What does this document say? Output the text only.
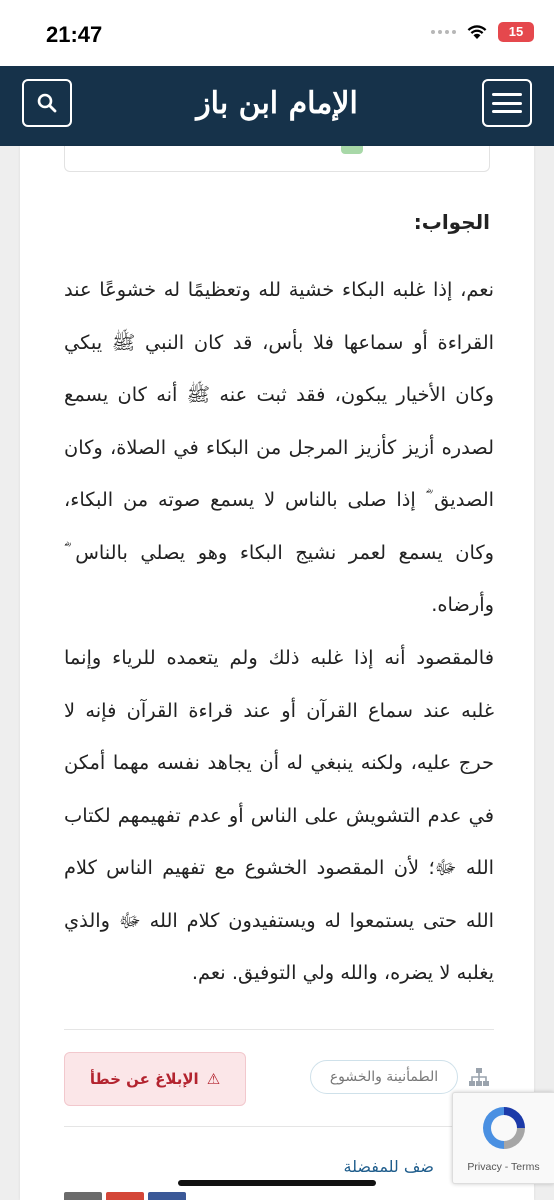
21:47	15
الإمام ابن باز
الجواب:

نعم، إذا غلبه البكاء خشية لله وتعظيمًا له خشوعًا عند القراءة أو سماعها فلا بأس، قد كان النبي ﷺ يبكي وكان الأخيار يبكون، فقد ثبت عنه ﷺ أنه كان يسمع لصدره أزيز كأزيز المرجل من البكاء في الصلاة، وكان الصديق ؓ إذا صلى بالناس لا يسمع صوته من البكاء، وكان يسمع لعمر نشيج البكاء وهو يصلي بالناس ؓ وأرضاه.

فالمقصود أنه إذا غلبه ذلك ولم يتعمده للرياء وإنما غلبه عند سماع القرآن أو عند قراءة القرآن فإنه لا حرج عليه، ولكنه ينبغي له أن يجاهد نفسه مهما أمكن في عدم التشويش على الناس أو عدم تفهيمهم لكتاب الله ﷻ؛ لأن المقصود الخشوع مع تفهيم الناس كلام الله حتى يستمعوا له ويستفيدون كلام الله ﷻ والذي يغلبه لا يضره، والله ولي التوفيق. نعم.

الطمأنينة والخشوع
⚠
الإبلاغ عن خطأ
ضف للمفضلة	Privacy - Terms
